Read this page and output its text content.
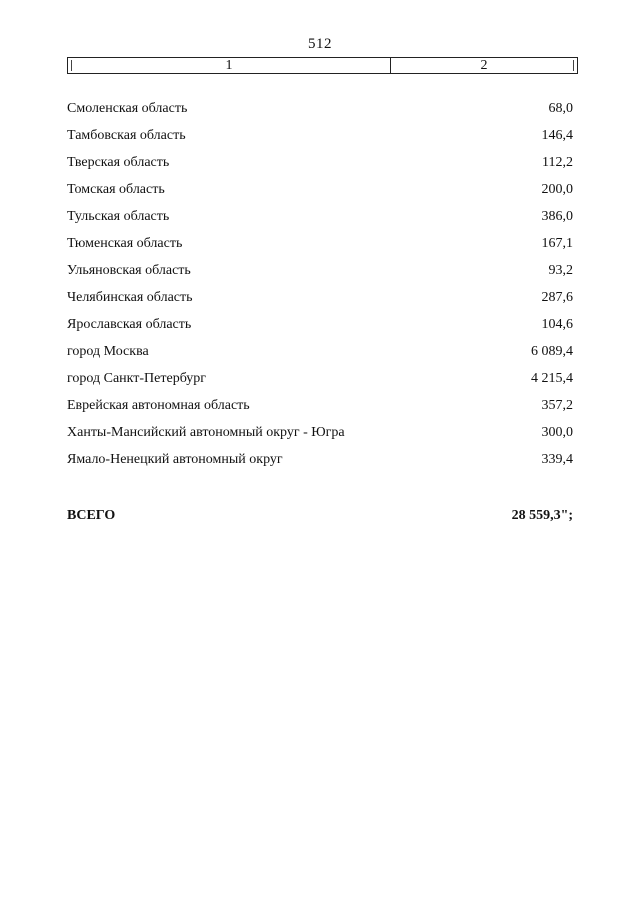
512
1	2
Смоленская область	68,0
Тамбовская область	146,4
Тверская область	112,2
Томская область	200,0
Тульская область	386,0
Тюменская область	167,1
Ульяновская область	93,2
Челябинская область	287,6
Ярославская область	104,6
город Москва	6 089,4
город Санкт-Петербург	4 215,4
Еврейская автономная область	357,2
Ханты-Мансийский автономный округ - Югра	300,0
Ямало-Ненецкий автономный округ	339,4
ВСЕГО	28 559,3";
